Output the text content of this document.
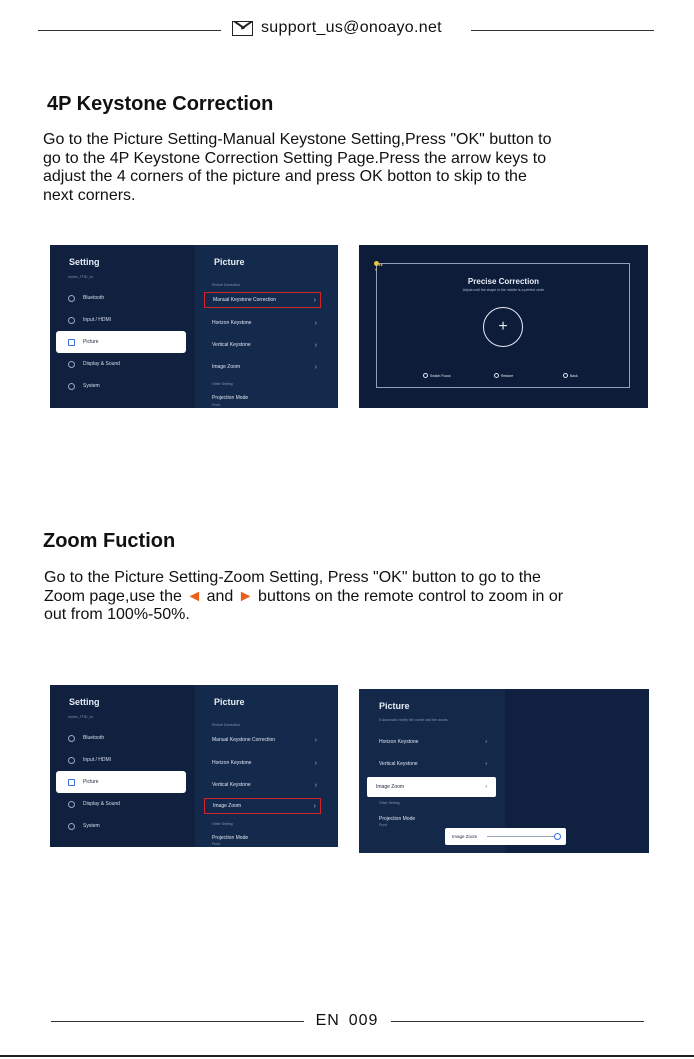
support_us@onoayo.net
4P Keystone Correction

Go to the Picture Setting-Manual Keystone Setting,Press "OK" button to

go to the 4P Keystone Correction Setting Page.Press the arrow keys to

adjust the 4 corners of the picture and press OK botton to skip to the

next corners.

Setting
Ironbc_TFID_1n
Bluetooth
Input / HDMI
Picture
Display & Sound
System
Picture
Picture Correction
Manual Keystone Correction	›
Horizon Keystone	›
Vertical Keystone	›
Image Zoom	›
Other Setting
Projection Mode
Front
▸▸
▾
Precise Correction
Adjust until the shape in the middle is a perfect circle
+
Switch Focus	Restore	Back
Zoom Fuction

Go to the Picture Setting-Zoom Setting, Press "OK" button to go to the

Zoom page,use the ◄ and ► buttons on the remote control to zoom in or

out from 100%-50%.

Setting
Ironbc_TFID_1n
Bluetooth
Input / HDMI
Picture
Display & Sound
System
Picture
Picture Correction
Manual Keystone Correction	›
Horizon Keystone	›
Vertical Keystone	›
Image Zoom	›
Other Setting
Projection Mode
Front
Picture
Ir Automatic rectify the corner and the words
Horizon Keystone	›
Vertical Keystone	›
Image Zoom	›
Other Setting
Projection Mode
Front
Image Zoom
EN 009
